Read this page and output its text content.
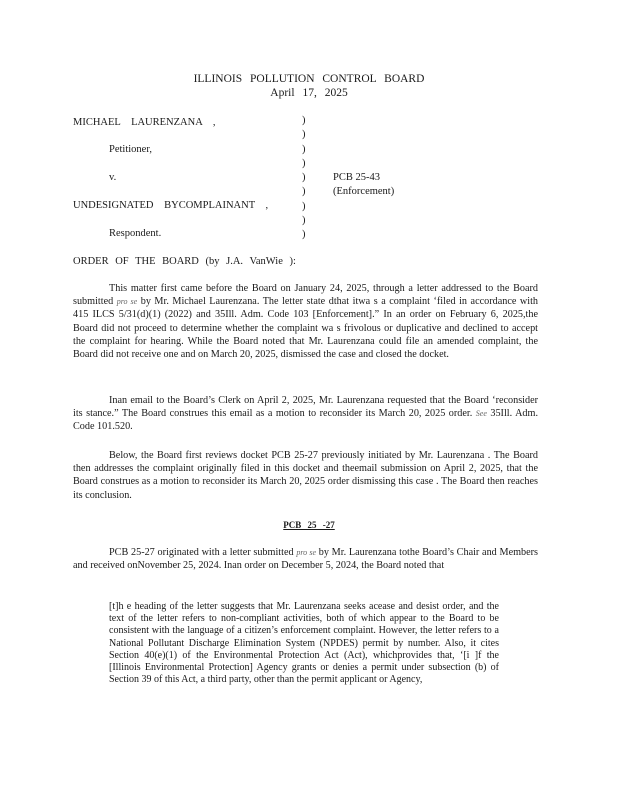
ILLINOIS POLLUTION CONTROL BOARD
April 17, 2025
MICHAEL LAURENZANA ,
Petitioner,
v.
UNDESIGNATED BYCOMPLAINANT ,
Respondent.
)
)
)
)
)
)
)
)
)
PCB 25-43
(Enforcement)
ORDER OF THE BOARD (by J.A. VanWie ):
This matter first came before the Board on January 24, 2025, through a letter addressed to the Board submitted pro se by Mr. Michael Laurenzana. The letter state dthat itwa s a complaint ‘filed in accordance with 415 ILCS 5/31(d)(1) (2022) and 35Ill. Adm. Code 103 [Enforcement].” In an order on February 6, 2025,the Board did not proceed to determine whether the complaint wa s frivolous or duplicative and declined to accept the complaint for hearing. While the Board noted that Mr. Laurenzana could file an amended complaint, the Board did not receive one and on March 20, 2025, dismissed the case and closed the docket.
Inan email to the Board’s Clerk on April 2, 2025, Mr. Laurenzana requested that the Board ‘reconsider its stance.” The Board construes this email as a motion to reconsider its March 20, 2025 order. See 35Ill. Adm. Code 101.520.
Below, the Board first reviews docket PCB 25-27 previously initiated by Mr. Laurenzana . The Board then addresses the complaint originally filed in this docket and theemail submission on April 2, 2025, that the Board construes as a motion to reconsider its March 20, 2025 order dismissing this case . The Board then reaches its conclusion.
PCB 25 -27
PCB 25-27 originated with a letter submitted pro se by Mr. Laurenzana tothe Board’s Chair and Members and received onNovember 25, 2024. Inan order on December 5, 2024, the Board noted that
[t]h e heading of the letter suggests that Mr. Laurenzana seeks acease and desist order, and the text of the letter refers to non-compliant activities, both of which appear to the Board to be consistent with the language of a citizen’s enforcement complaint. However, the letter refers to a National Pollutant Discharge Elimination System (NPDES) permit by number. Also, it cites Section 40(e)(1) of the Environmental Protection Act (Act), whichprovides that, ‘[i ]f the [Illinois Environmental Protection] Agency grants or denies a permit under subsection (b) of Section 39 of this Act, a third party, other than the permit applicant or Agency,
